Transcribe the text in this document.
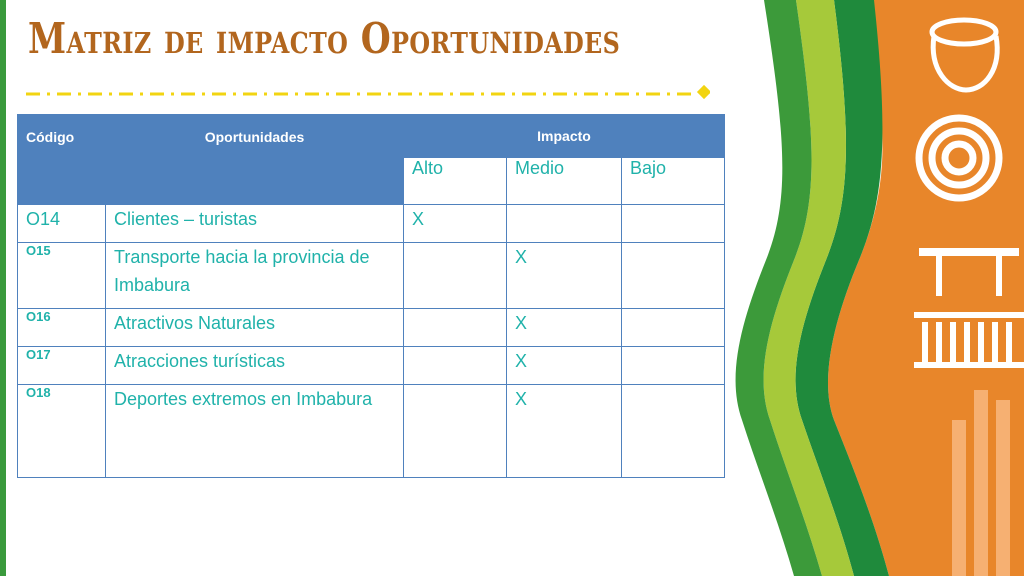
Matriz de impacto Oportunidades
Código	Oportunidades	Impacto		
		Alto	Medio	Bajo
O14	Clientes – turistas	X		
O15	Transporte hacia la provincia de Imbabura		X	
O16	Atractivos Naturales		X	
O17	Atracciones turísticas		X	
O18	Deportes extremos en Imbabura		X	
